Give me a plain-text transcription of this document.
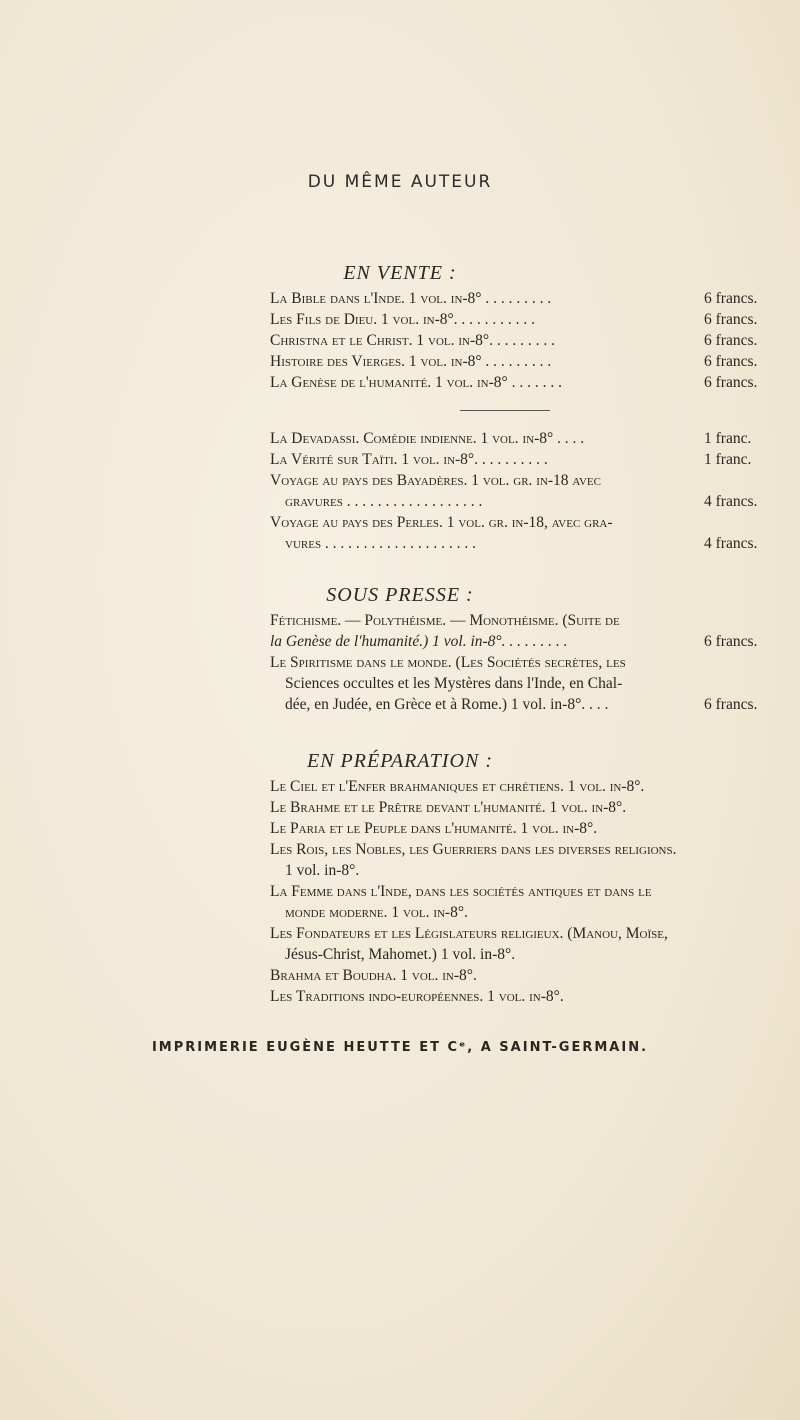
DU MÊME AUTEUR
EN VENTE :
La Bible dans l'Inde. 1 vol. in-8° . . . . . . . . .	6 francs.
Les Fils de Dieu. 1 vol. in-8°. . . . . . . . . . .	6 francs.
Christna et le Christ. 1 vol. in-8°. . . . . . . . .	6 francs.
Histoire des Vierges. 1 vol. in-8° . . . . . . . . .	6 francs.
La Genèse de l'humanité. 1 vol. in-8° . . . . . . .	6 francs.
La Devadassi. Comédie indienne. 1 vol. in-8° . . . .	1 franc.
La Vérité sur Taïti. 1 vol. in-8°. . . . . . . . . .	1 franc.
Voyage au pays des Bayadères. 1 vol. gr. in-18 avec
gravures . . . . . . . . . . . . . . . . . .	4 francs.
Voyage au pays des Perles. 1 vol. gr. in-18, avec gra-
vures . . . . . . . . . . . . . . . . . . . .	4 francs.
SOUS PRESSE :
Fétichisme. — Polythéisme. — Monothéisme. (Suite de
la Genèse de l'humanité.) 1 vol. in-8°. . . . . . . . .	6 francs.
Le Spiritisme dans le monde. (Les Sociétés secrètes, les
Sciences occultes et les Mystères dans l'Inde, en Chal-
dée, en Judée, en Grèce et à Rome.) 1 vol. in-8°. . . .	6 francs.
EN PRÉPARATION :
Le Ciel et l'Enfer brahmaniques et chrétiens. 1 vol. in-8°.
Le Brahme et le Prêtre devant l'humanité. 1 vol. in-8°.
Le Paria et le Peuple dans l'humanité. 1 vol. in-8°.
Les Rois, les Nobles, les Guerriers dans les diverses religions.
1 vol. in-8°.
La Femme dans l'Inde, dans les sociétés antiques et dans le
monde moderne. 1 vol. in-8°.
Les Fondateurs et les Législateurs religieux. (Manou, Moïse,
Jésus-Christ, Mahomet.) 1 vol. in-8°.
Brahma et Boudha. 1 vol. in-8°.
Les Traditions indo-européennes. 1 vol. in-8°.
IMPRIMERIE EUGÈNE HEUTTE ET Cᵉ, A SAINT-GERMAIN.
